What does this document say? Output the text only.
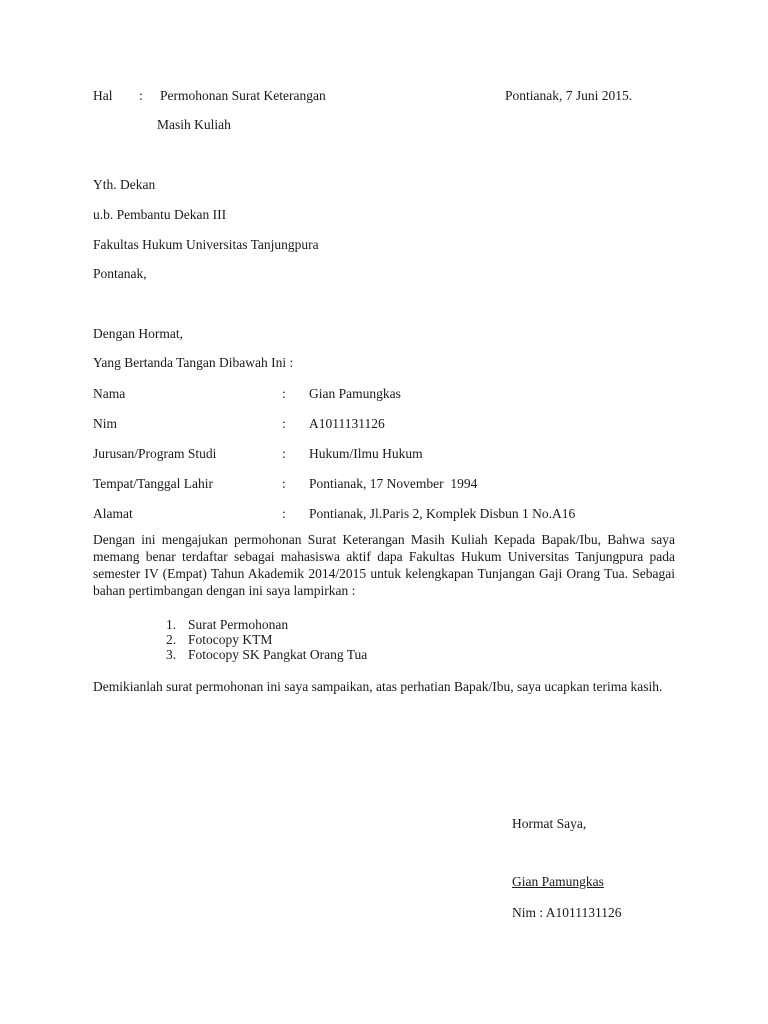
Hal : Permohonan Surat Keterangan	Pontianak, 7 Juni 2015.
Masih Kuliah
Yth. Dekan
u.b. Pembantu Dekan III
Fakultas Hukum Universitas Tanjungpura
Pontanak,
Dengan Hormat,
Yang Bertanda Tangan Dibawah Ini :
Nama	: Gian Pamungkas
Nim	: A1011131126
Jurusan/Program Studi	: Hukum/Ilmu Hukum
Tempat/Tanggal Lahir	: Pontianak, 17 November  1994
Alamat	: Pontianak, Jl.Paris 2, Komplek Disbun 1 No.A16

Dengan ini mengajukan permohonan Surat Keterangan Masih Kuliah Kepada Bapak/Ibu, Bahwa saya memang benar terdaftar sebagai mahasiswa aktif dapa Fakultas Hukum Universitas Tanjungpura pada semester IV (Empat) Tahun Akademik 2014/2015 untuk kelengkapan Tunjangan Gaji Orang Tua. Sebagai bahan pertimbangan dengan ini saya lampirkan :

1. Surat Permohonan
2. Fotocopy KTM
3. Fotocopy SK Pangkat Orang Tua

Demikianlah surat permohonan ini saya sampaikan, atas perhatian Bapak/Ibu, saya ucapkan terima kasih.

Hormat Saya,
Gian Pamungkas
Nim : A1011131126
